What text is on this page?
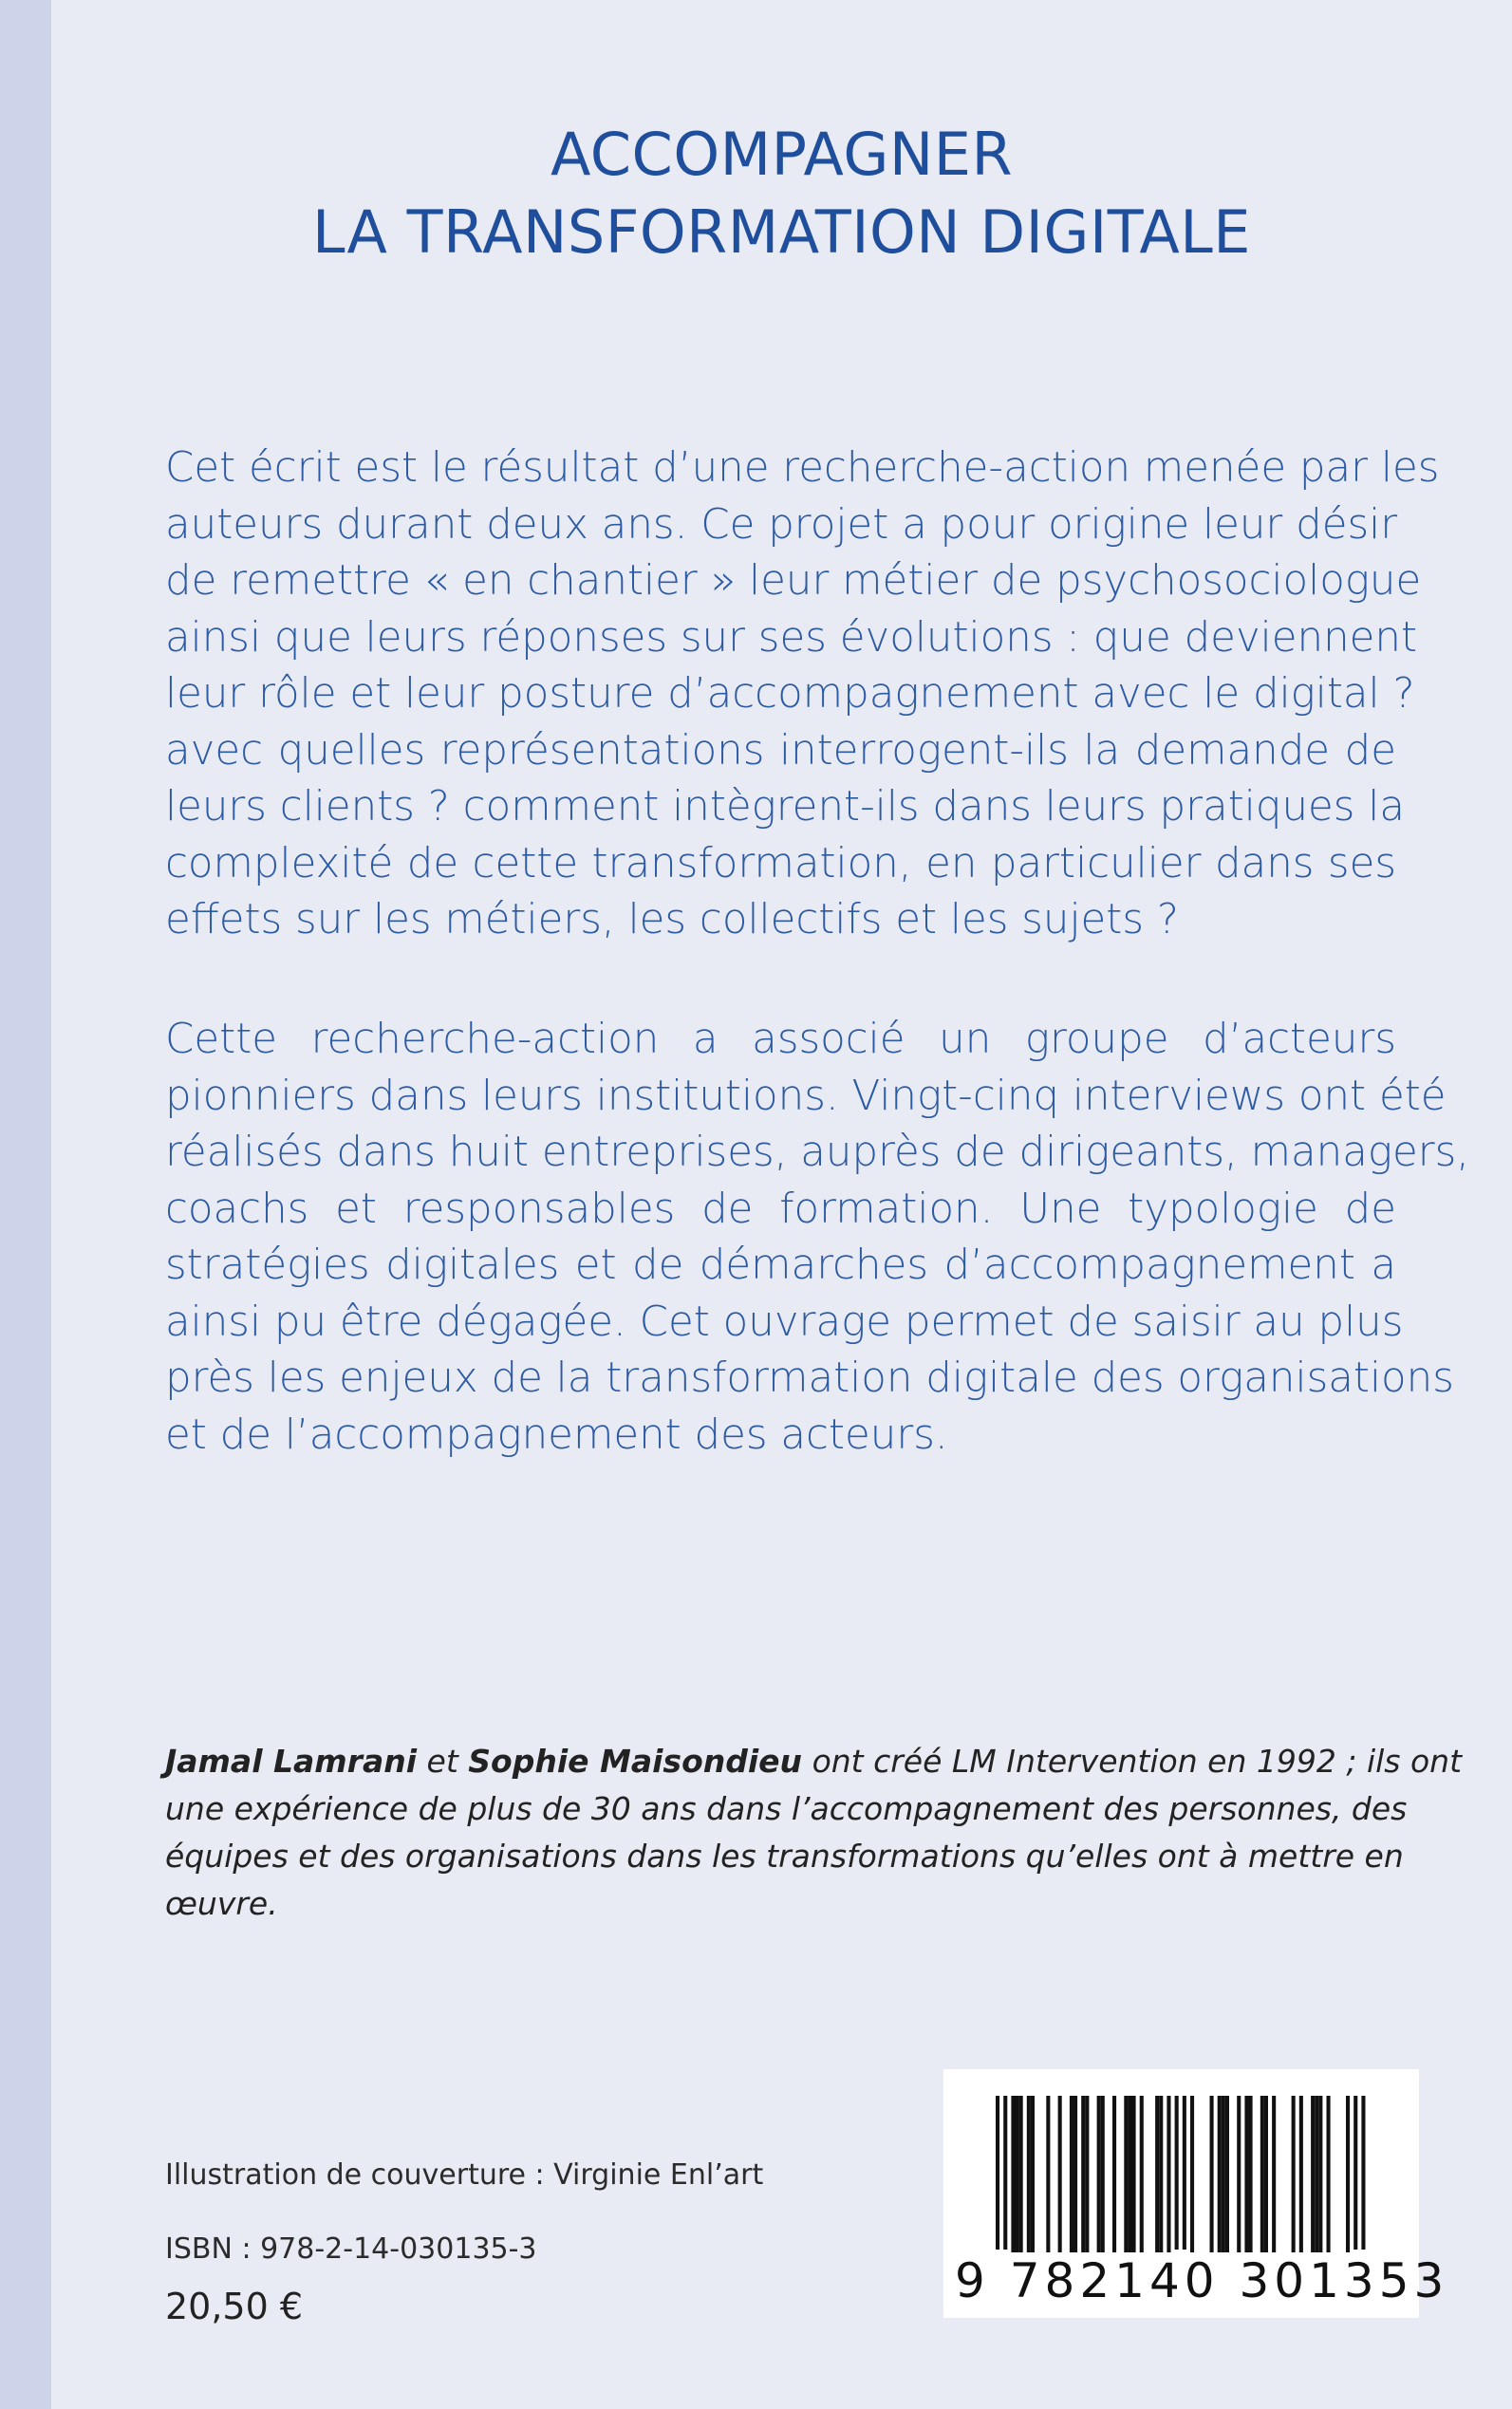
ACCOMPAGNER
LA TRANSFORMATION DIGITALE
Cet écrit est le résultat d’une recherche-action menée par les
auteurs durant deux ans. Ce projet a pour origine leur désir
de remettre « en chantier » leur métier de psychosociologue
ainsi que leurs réponses sur ses évolutions : que deviennent
leur rôle et leur posture d’accompagnement avec le digital ?
avec quelles représentations interrogent-ils la demande de
leurs clients ? comment intègrent-ils dans leurs pratiques la
complexité de cette transformation, en particulier dans ses
effets sur les métiers, les collectifs et les sujets ?
Cette recherche-action a associé un groupe d’acteurs
pionniers dans leurs institutions. Vingt-cinq interviews ont été
réalisés dans huit entreprises, auprès de dirigeants, managers,
coachs et responsables de formation. Une typologie de
stratégies digitales et de démarches d’accompagnement a
ainsi pu être dégagée. Cet ouvrage permet de saisir au plus
près les enjeux de la transformation digitale des organisations
et de l’accompagnement des acteurs.
Jamal Lamrani et Sophie Maisondieu ont créé LM Intervention en 1992 ; ils ont
une expérience de plus de 30 ans dans l’accompagnement des personnes, des
équipes et des organisations dans les transformations qu’elles ont à mettre en
œuvre.
Illustration de couverture : Virginie Enl’art
ISBN : 978-2-14-030135-3
20,50 €	9 782140 301353
